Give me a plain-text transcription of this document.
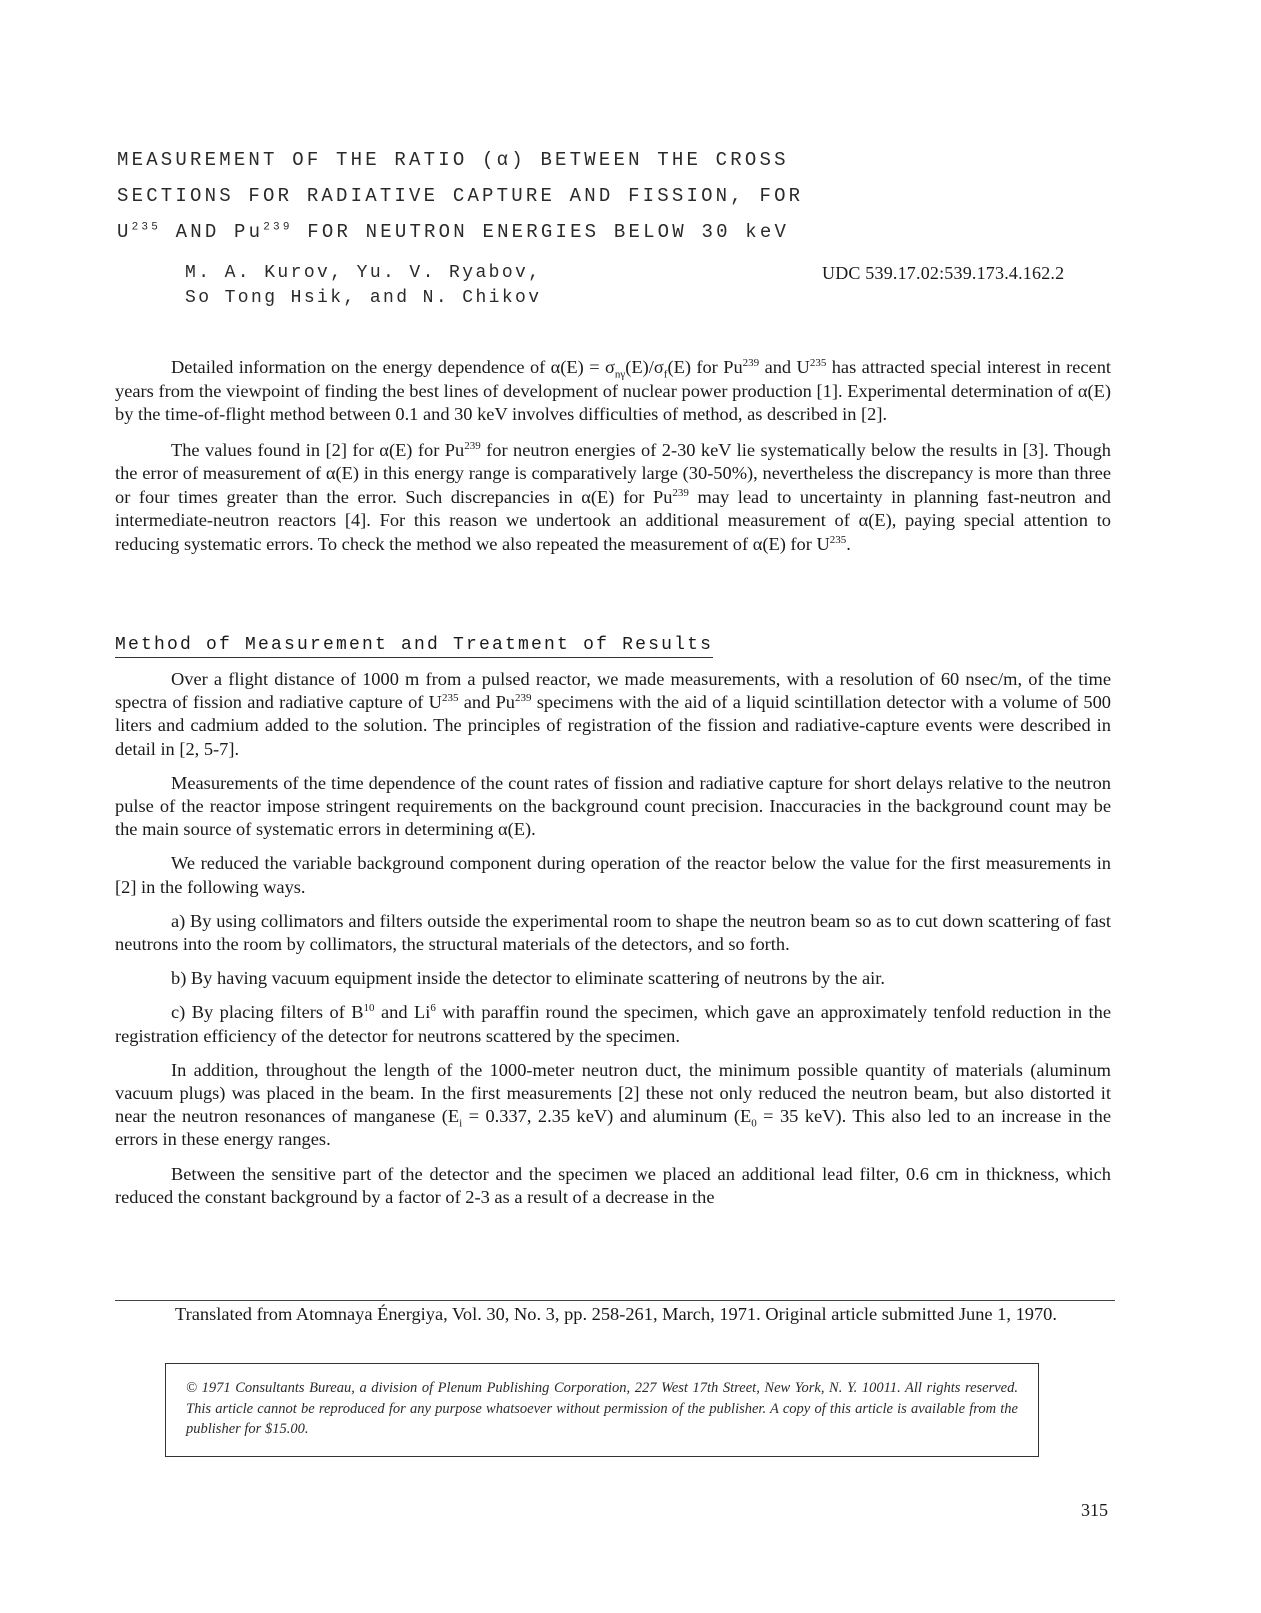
MEASUREMENT OF THE RATIO (α) BETWEEN THE CROSS
SECTIONS FOR RADIATIVE CAPTURE AND FISSION, FOR
$U^{235}$ AND Pu$^{239}$ FOR NEUTRON ENERGIES BELOW 30 keV
M. A. Kurov, Yu. V. Ryabov,
So Tong Hsik, and N. Chikov
UDC 539.17.02:539.173.4.162.2

Detailed information on the energy dependence of $\alpha(E) = \sigma_{n\gamma}(E)/\sigma_f(E)$ for Pu$^{239}$ and $U^{235}$ has attracted special interest in recent years from the viewpoint of finding the best lines of development of nuclear power production [1]. Experimental determination of α(E) by the time-of-flight method between 0.1 and 30 keV involves difficulties of method, as described in [2].

The values found in [2] for α(E) for Pu$^{239}$ for neutron energies of 2-30 keV lie systematically below the results in [3]. Though the error of measurement of α(E) in this energy range is comparatively large (30-50%), nevertheless the discrepancy is more than three or four times greater than the error. Such discrepancies in α(E) for Pu$^{239}$ may lead to uncertainty in planning fast-neutron and intermediate-neutron reactors [4]. For this reason we undertook an additional measurement of α(E), paying special attention to reducing systematic errors. To check the method we also repeated the measurement of α(E) for $U^{235}$.

Method of Measurement and Treatment of Results

Over a flight distance of 1000 m from a pulsed reactor, we made measurements, with a resolution of 60 nsec/m, of the time spectra of fission and radiative capture of $U^{235}$ and Pu$^{239}$ specimens with the aid of a liquid scintillation detector with a volume of 500 liters and cadmium added to the solution. The principles of registration of the fission and radiative-capture events were described in detail in [2, 5-7].

Measurements of the time dependence of the count rates of fission and radiative capture for short delays relative to the neutron pulse of the reactor impose stringent requirements on the background count precision. Inaccuracies in the background count may be the main source of systematic errors in determining α(E).

We reduced the variable background component during operation of the reactor below the value for the first measurements in [2] in the following ways.

a) By using collimators and filters outside the experimental room to shape the neutron beam so as to cut down scattering of fast neutrons into the room by collimators, the structural materials of the detectors, and so forth.

b) By having vacuum equipment inside the detector to eliminate scattering of neutrons by the air.

c) By placing filters of $B^{10}$ and Li$^6$ with paraffin round the specimen, which gave an approximately tenfold reduction in the registration efficiency of the detector for neutrons scattered by the specimen.

In addition, throughout the length of the 1000-meter neutron duct, the minimum possible quantity of materials (aluminum vacuum plugs) was placed in the beam. In the first measurements [2] these not only reduced the neutron beam, but also distorted it near the neutron resonances of manganese ($E_i = 0.337$, 2.35 keV) and aluminum ($E_0 = 35$ keV). This also led to an increase in the errors in these energy ranges.

Between the sensitive part of the detector and the specimen we placed an additional lead filter, 0.6 cm in thickness, which reduced the constant background by a factor of 2-3 as a result of a decrease in the

Translated from Atomnaya Énergiya, Vol. 30, No. 3, pp. 258-261, March, 1971. Original article submitted June 1, 1970.
© 1971 Consultants Bureau, a division of Plenum Publishing Corporation, 227 West 17th Street, New York, N. Y. 10011. All rights reserved. This article cannot be reproduced for any purpose whatsoever without permission of the publisher. A copy of this article is available from the publisher for $15.00.
315
